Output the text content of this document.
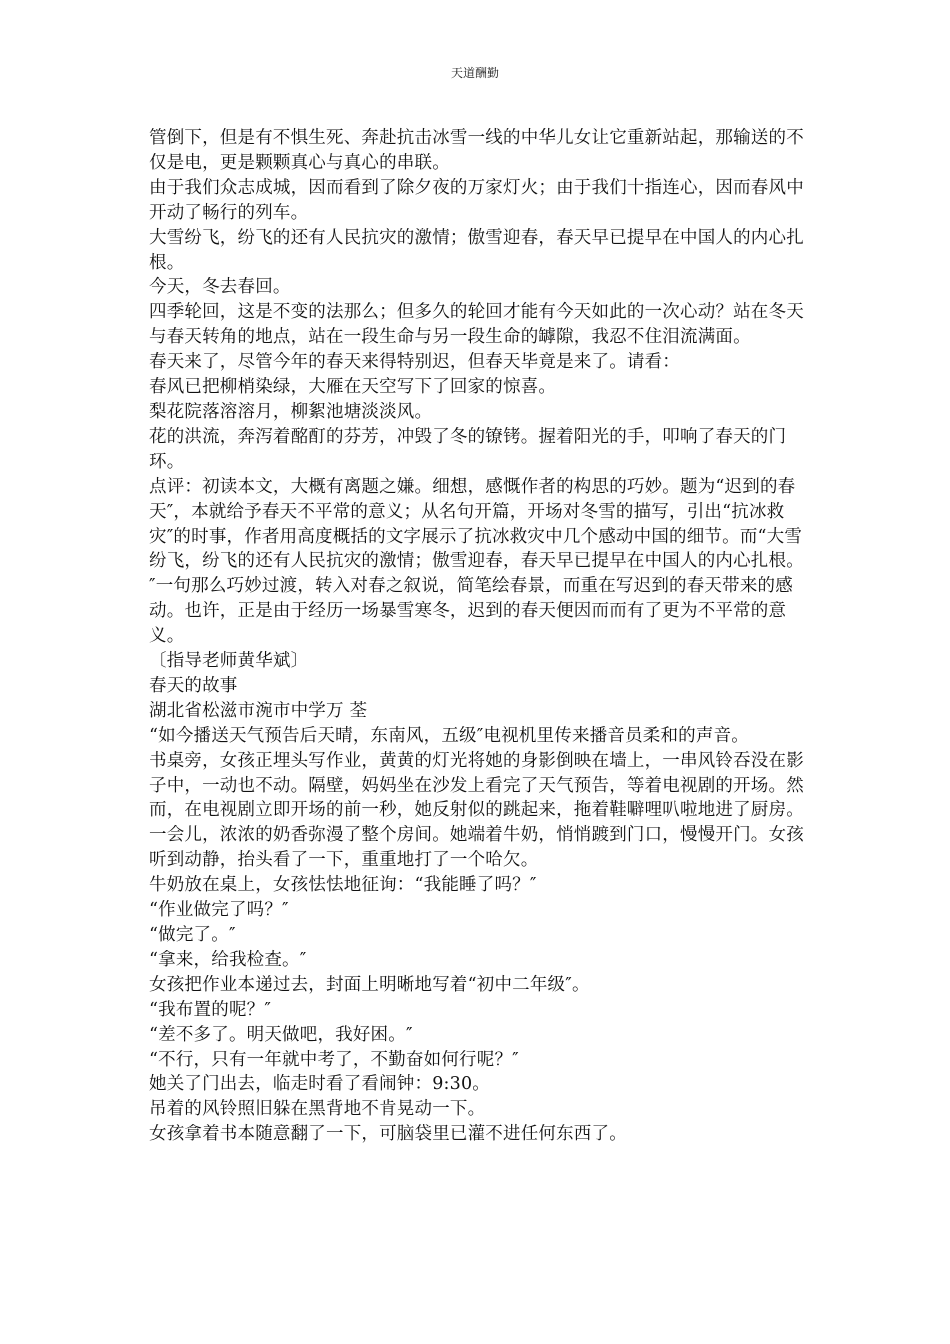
天道酬勤

管倒下，但是有不惧生死、奔赴抗击冰雪一线的中华儿女让它重新站起，那输送的不仅是电，更是颗颗真心与真心的串联。

由于我们众志成城，因而看到了除夕夜的万家灯火；由于我们十指连心，因而春风中开动了畅行的列车。

大雪纷飞，纷飞的还有人民抗灾的激情；傲雪迎春，春天早已提早在中国人的内心扎根。

今天，冬去春回。

四季轮回，这是不变的法那么；但多久的轮回才能有今天如此的一次心动？站在冬天与春天转角的地点，站在一段生命与另一段生命的罅隙，我忍不住泪流满面。

春天来了，尽管今年的春天来得特别迟，但春天毕竟是来了。请看：

春风已把柳梢染绿，大雁在天空写下了回家的惊喜。

梨花院落溶溶月，柳絮池塘淡淡风。

花的洪流，奔泻着酩酊的芬芳，冲毁了冬的镣铐。握着阳光的手，叩响了春天的门环。

点评：初读本文，大概有离题之嫌。细想，感慨作者的构思的巧妙。题为“迟到的春天″，本就给予春天不平常的意义；从名句开篇，开场对冬雪的描写，引出“抗冰救灾″的时事，作者用高度概括的文字展示了抗冰救灾中几个感动中国的细节。而“大雪纷飞，纷飞的还有人民抗灾的激情；傲雪迎春，春天早已提早在中国人的内心扎根。″一句那么巧妙过渡，转入对春之叙说，简笔绘春景，而重在写迟到的春天带来的感动。也许，正是由于经历一场暴雪寒冬，迟到的春天便因而而有了更为不平常的意义。

〔指导老师黄华斌〕

春天的故事

湖北省松滋市涴市中学万 荃

“如今播送天气预告后天晴，东南风，五级″电视机里传来播音员柔和的声音。

书桌旁，女孩正埋头写作业，黄黄的灯光将她的身影倒映在墙上，一串风铃吞没在影子中，一动也不动。隔壁，妈妈坐在沙发上看完了天气预告，等着电视剧的开场。然而，在电视剧立即开场的前一秒，她反射似的跳起来，拖着鞋噼哩叭啦地进了厨房。

一会儿，浓浓的奶香弥漫了整个房间。她端着牛奶，悄悄踱到门口，慢慢开门。女孩听到动静，抬头看了一下，重重地打了一个哈欠。

牛奶放在桌上，女孩怯怯地征询：“我能睡了吗？″

“作业做完了吗？″

“做完了。″

“拿来，给我检查。″

女孩把作业本递过去，封面上明晰地写着“初中二年级″。

“我布置的呢？″

“差不多了。明天做吧，我好困。″

“不行，只有一年就中考了，不勤奋如何行呢？″

她关了门出去，临走时看了看闹钟：9:30。

吊着的风铃照旧躲在黑背地不肯晃动一下。

女孩拿着书本随意翻了一下，可脑袋里已灌不进任何东西了。
